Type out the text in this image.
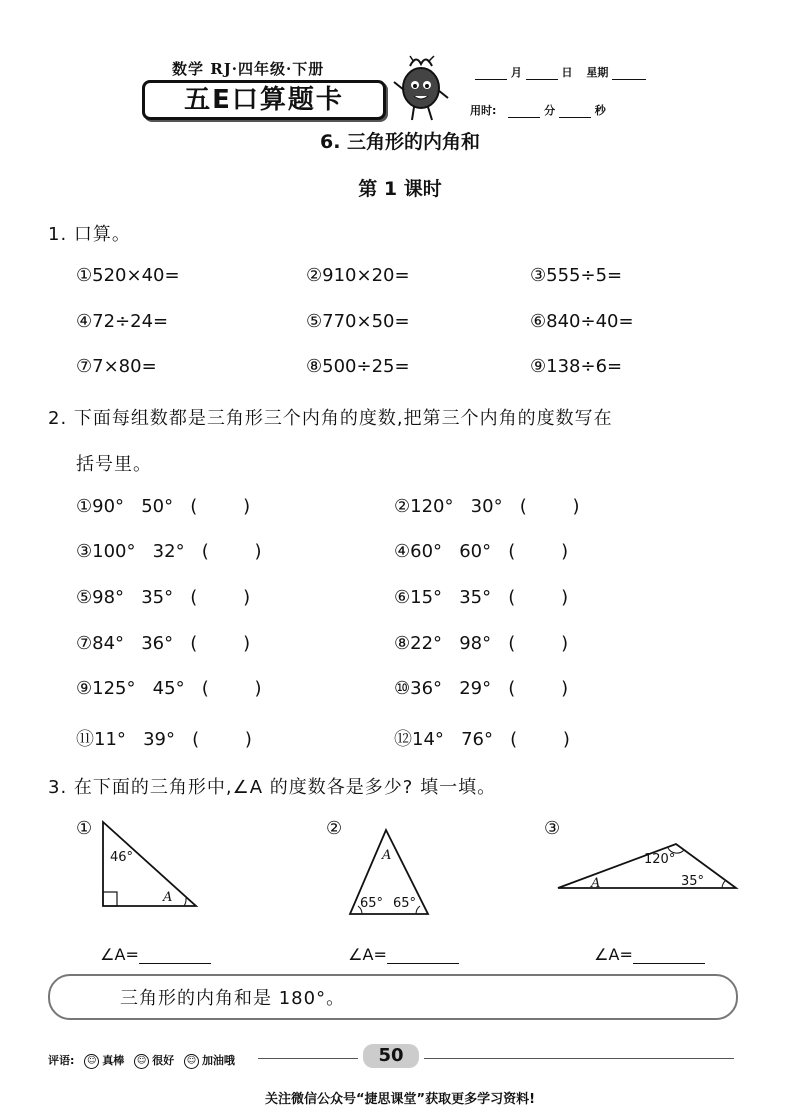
数学 RJ·四年级·下册
五E口算题卡
月	日 星期
用时:	分	秒
6. 三角形的内角和
第 1 课时
1. 口算。
①520×40=	②910×20=	③555÷5=
④72÷24=	⑤770×50=	⑥840÷40=
⑦7×80=	⑧500÷25=	⑨138÷6=
2. 下面每组数都是三角形三个内角的度数,把第三个内角的度数写在
括号里。
①90°   50°   (        )	②120°   30°   (        )
③100°   32°   (        )	④60°   60°   (        )
⑤98°   35°   (        )	⑥15°   35°   (        )
⑦84°   36°   (        )	⑧22°   98°   (        )
⑨125°   45°   (        )	⑩36°   29°   (        )
⑪11°   39°   (        )	⑫14°   76°   (        )
3. 在下面的三角形中,∠A 的度数各是多少? 填一填。
①
46°
A

∠A=

②
A
65° 65°

∠A=

③
120°
35°
A

∠A=

三角形的内角和是 180°。
评语: ☺ 真棒 ☺ 很好 ☺ 加油哦	50
关注微信公众号“捷思课堂”获取更多学习资料!
